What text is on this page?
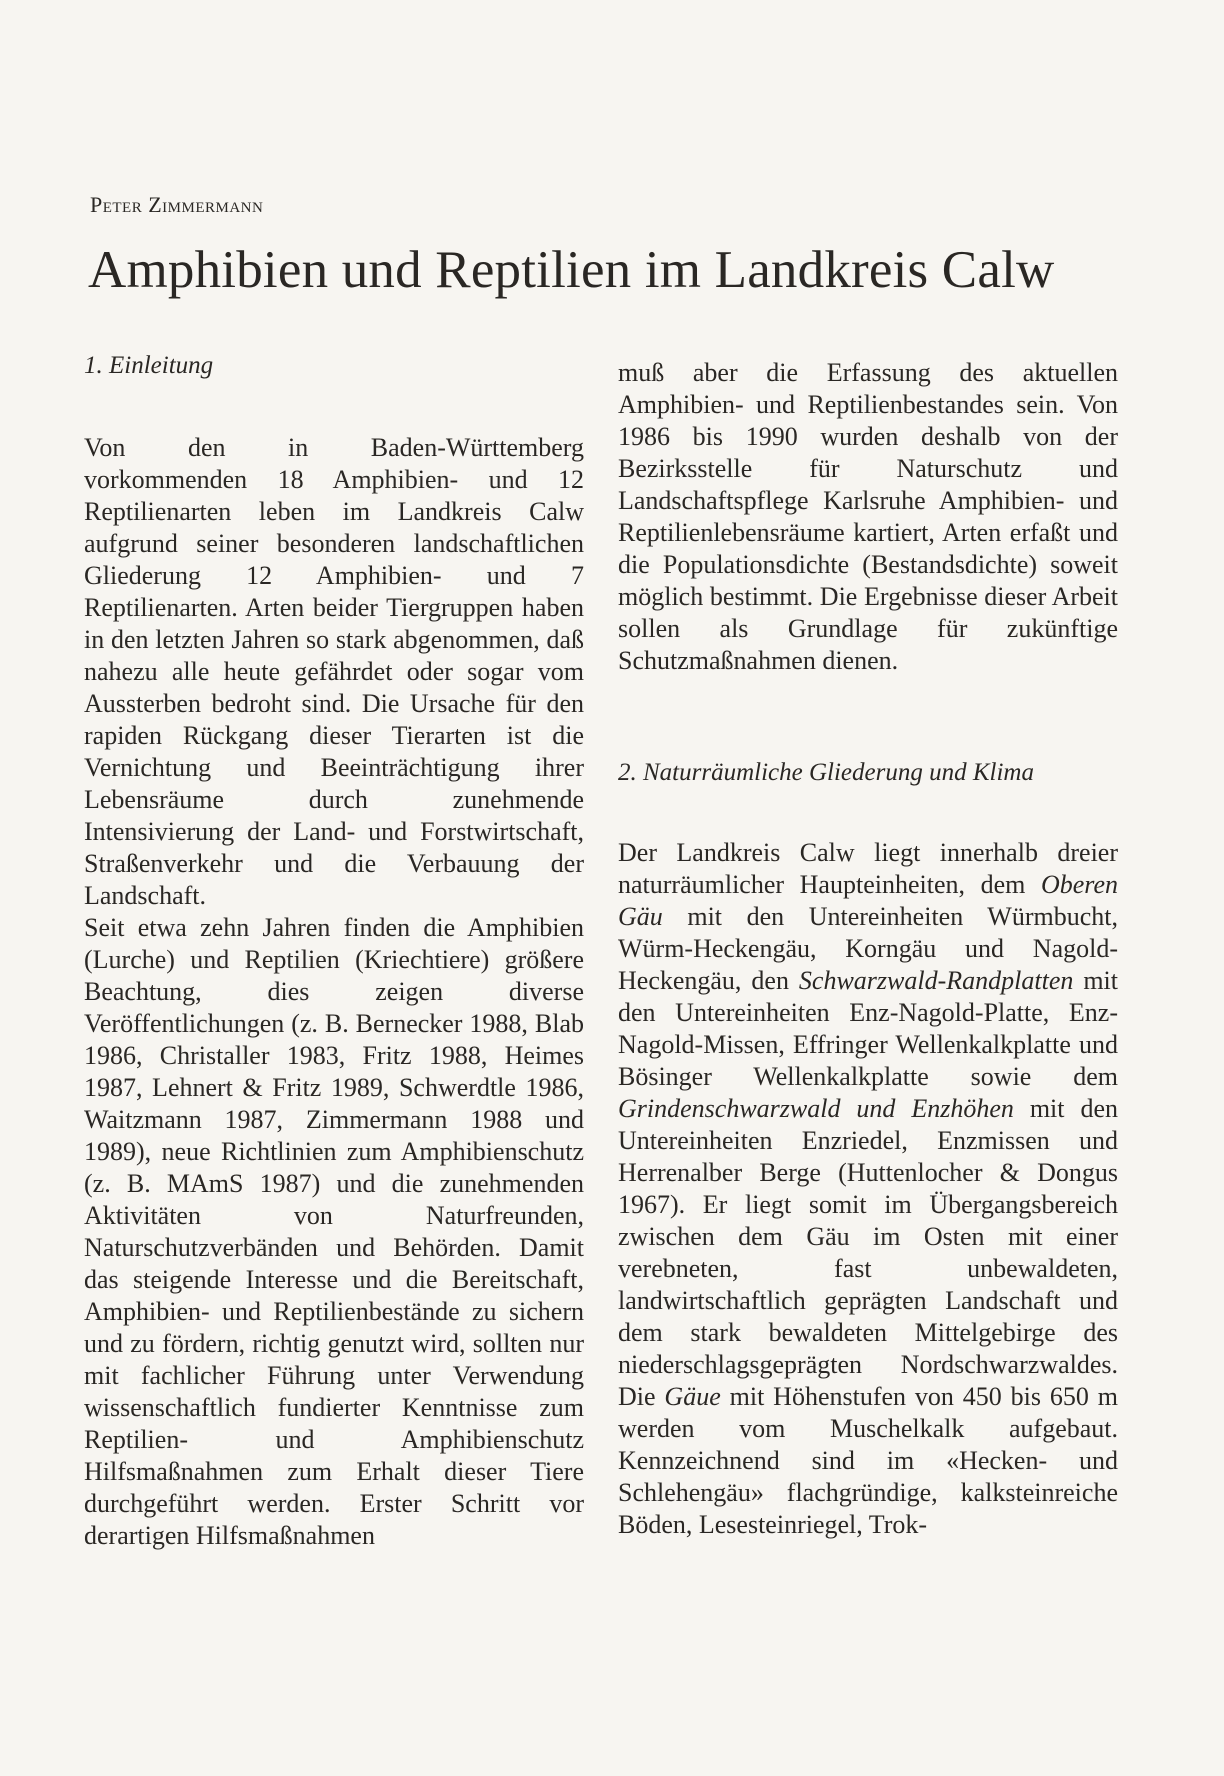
Peter Zimmermann
Amphibien und Reptilien im Landkreis Calw
1. Einleitung

Von den in Baden-Württemberg vorkommenden 18 Amphibien- und 12 Reptilienarten leben im Landkreis Calw aufgrund seiner besonderen landschaftlichen Gliederung 12 Amphibien- und 7 Reptilienarten. Arten beider Tiergruppen haben in den letzten Jahren so stark abgenommen, daß nahezu alle heute gefährdet oder sogar vom Aussterben bedroht sind. Die Ursache für den rapiden Rückgang dieser Tierarten ist die Vernichtung und Beeinträchtigung ihrer Lebensräume durch zunehmende Intensivierung der Land- und Forstwirtschaft, Straßenverkehr und die Verbauung der Landschaft.

Seit etwa zehn Jahren finden die Amphibien (Lurche) und Reptilien (Kriechtiere) größere Beachtung, dies zeigen diverse Veröffentlichungen (z. B. Bernecker 1988, Blab 1986, Christaller 1983, Fritz 1988, Heimes 1987, Lehnert & Fritz 1989, Schwerdtle 1986, Waitzmann 1987, Zimmermann 1988 und 1989), neue Richtlinien zum Amphibienschutz (z. B. MAmS 1987) und die zunehmenden Aktivitäten von Naturfreunden, Naturschutzverbänden und Behörden. Damit das steigende Interesse und die Bereitschaft, Amphibien- und Reptilienbestände zu sichern und zu fördern, richtig genutzt wird, sollten nur mit fachlicher Führung unter Verwendung wissenschaftlich fundierter Kenntnisse zum Reptilien- und Amphibienschutz Hilfsmaßnahmen zum Erhalt dieser Tiere durchgeführt werden. Erster Schritt vor derartigen Hilfsmaßnahmen

muß aber die Erfassung des aktuellen Amphibien- und Reptilienbestandes sein. Von 1986 bis 1990 wurden deshalb von der Bezirksstelle für Naturschutz und Landschaftspflege Karlsruhe Amphibien- und Reptilienlebensräume kartiert, Arten erfaßt und die Populationsdichte (Bestandsdichte) soweit möglich bestimmt. Die Ergebnisse dieser Arbeit sollen als Grundlage für zukünftige Schutzmaßnahmen dienen.

2. Naturräumliche Gliederung und Klima

Der Landkreis Calw liegt innerhalb dreier naturräumlicher Haupteinheiten, dem Oberen Gäu mit den Untereinheiten Würmbucht, Würm-Heckengäu, Korngäu und Nagold-Heckengäu, den Schwarzwald-Randplatten mit den Untereinheiten Enz-Nagold-Platte, Enz-Nagold-Missen, Effringer Wellenkalkplatte und Bösinger Wellenkalkplatte sowie dem Grindenschwarzwald und Enzhöhen mit den Untereinheiten Enzriedel, Enzmissen und Herrenalber Berge (Huttenlocher & Dongus 1967). Er liegt somit im Übergangsbereich zwischen dem Gäu im Osten mit einer verebneten, fast unbewaldeten, landwirtschaftlich geprägten Landschaft und dem stark bewaldeten Mittelgebirge des niederschlagsgeprägten Nordschwarzwaldes. Die Gäue mit Höhenstufen von 450 bis 650 m werden vom Muschelkalk aufgebaut. Kennzeichnend sind im «Hecken- und Schlehengäu» flachgründige, kalksteinreiche Böden, Lesesteinriegel, Trok-
